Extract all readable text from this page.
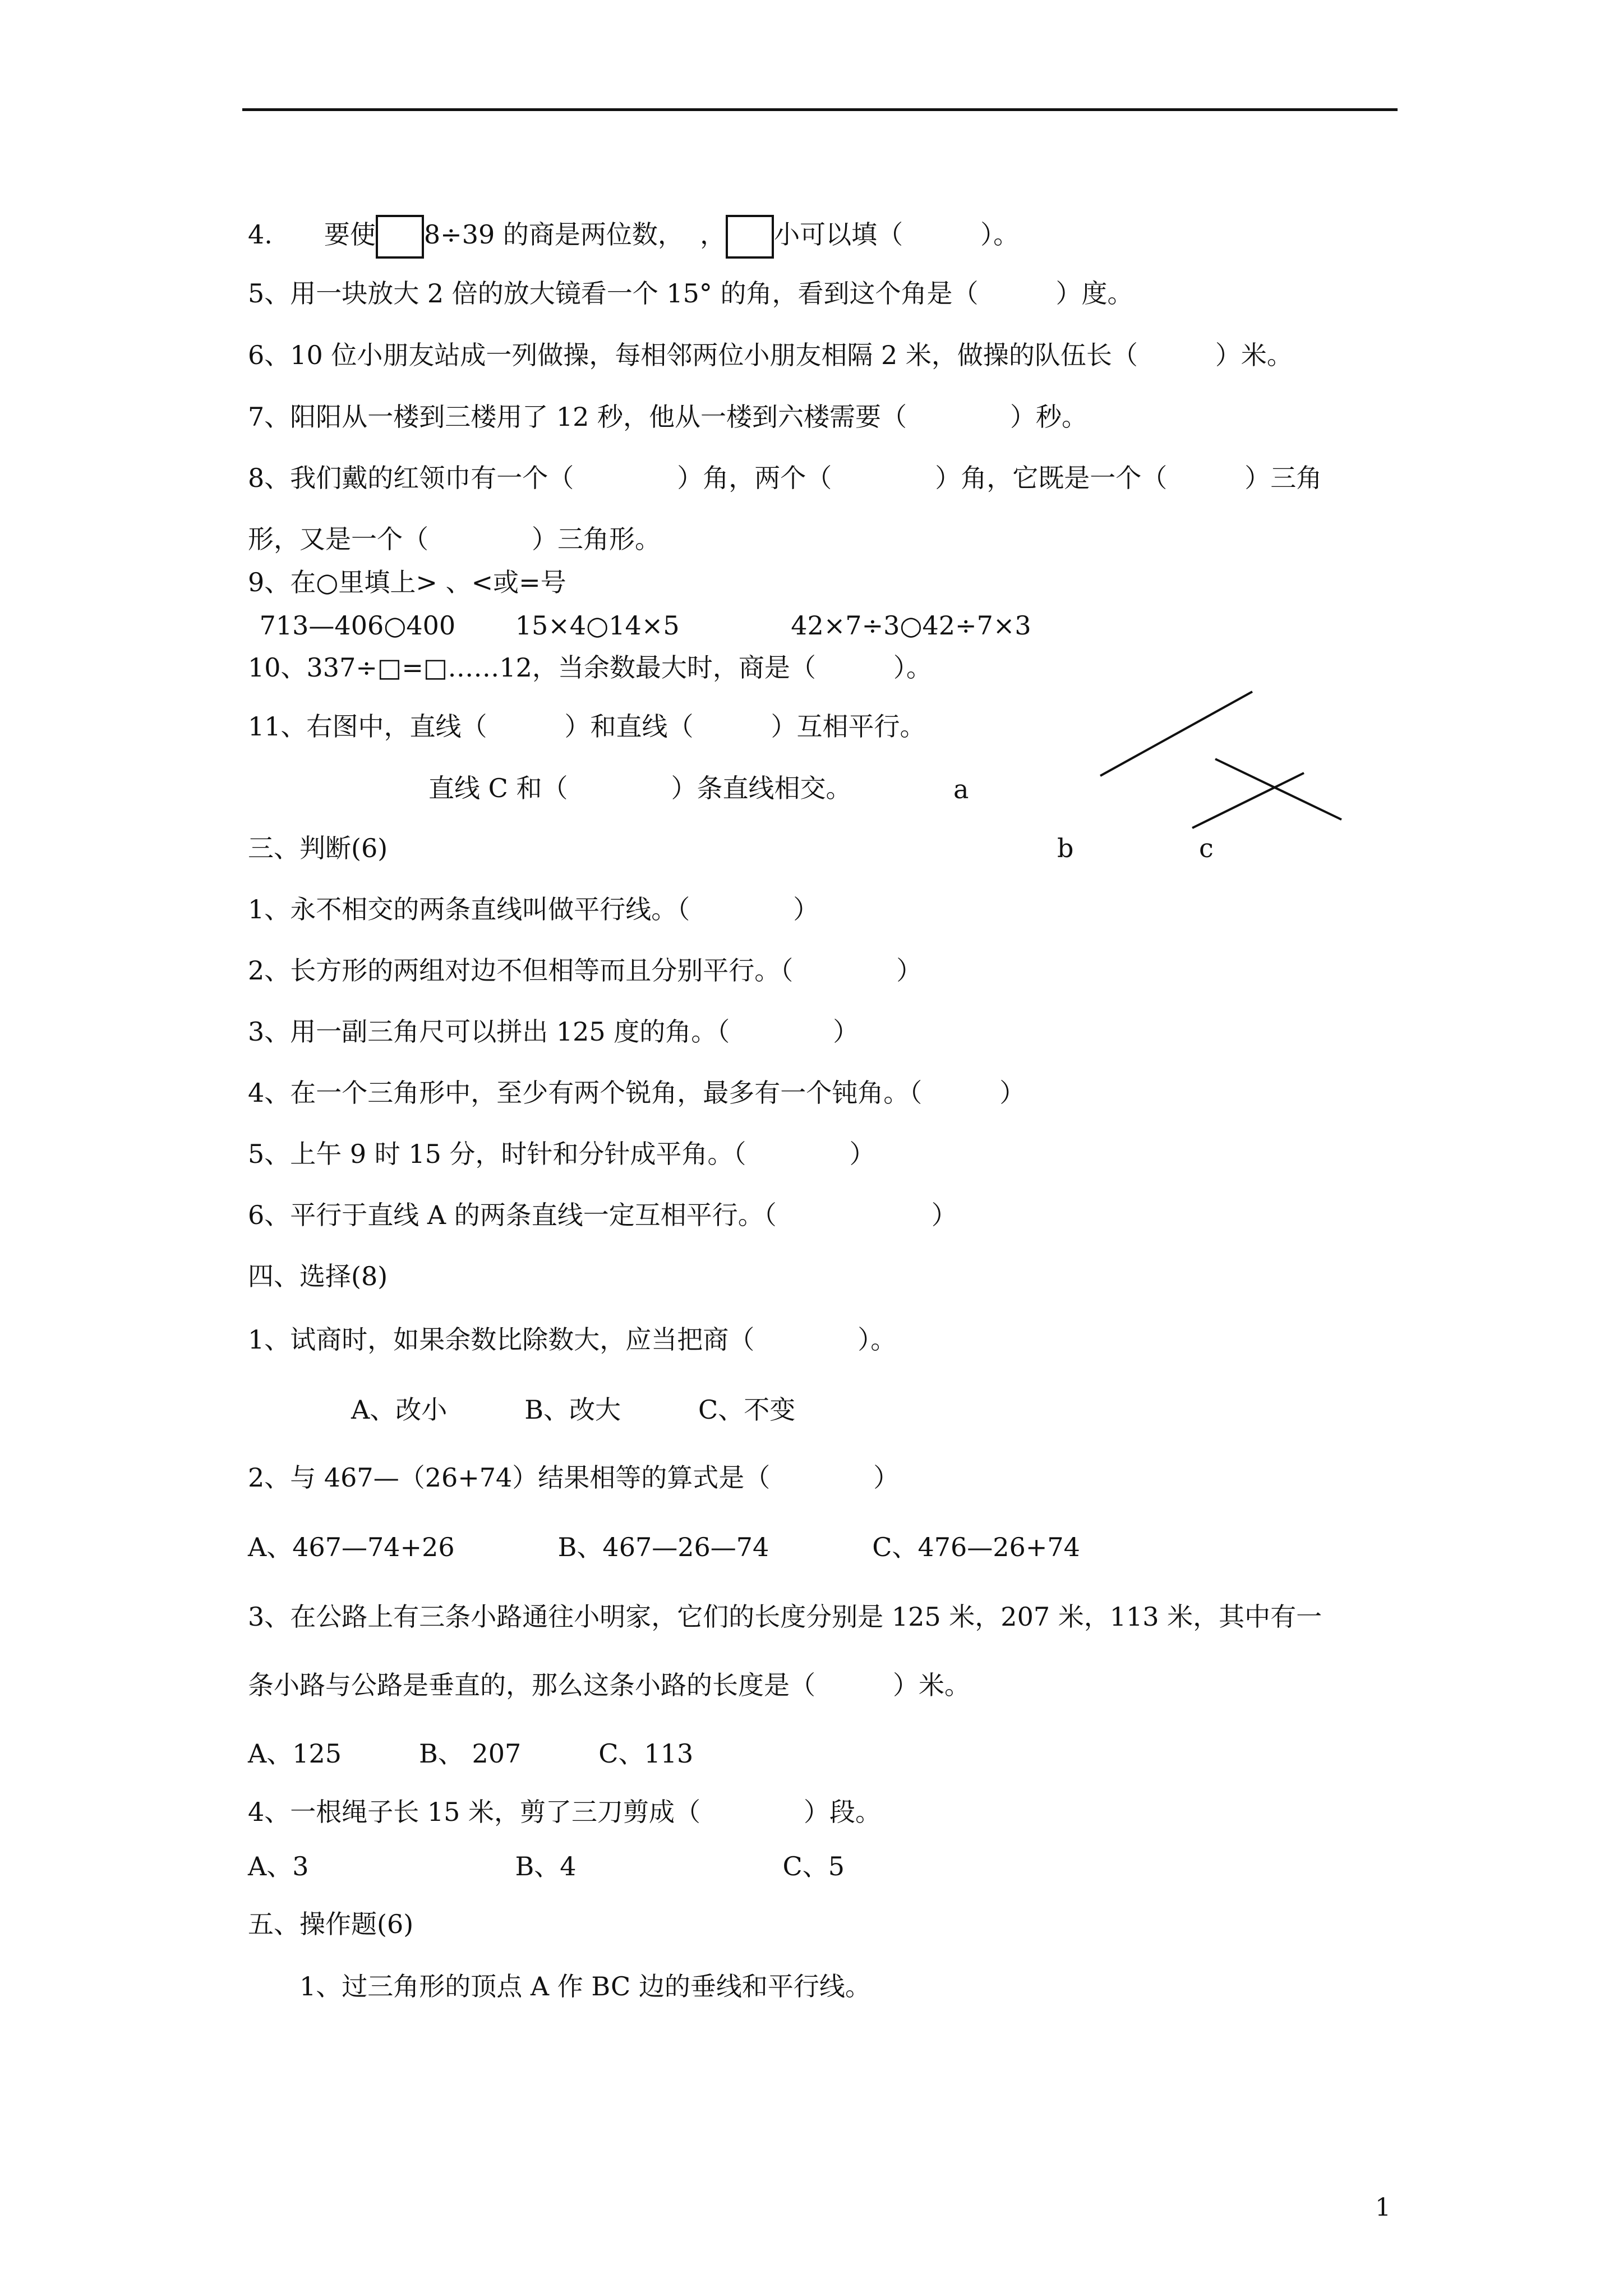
4.　　要使 8÷39 的商是两位数，  ， 小可以填（　　　）。
5、用一块放大 2 倍的放大镜看一个 15° 的角，看到这个角是（　　　）度。
6、10 位小朋友站成一列做操，每相邻两位小朋友相隔 2 米，做操的队伍长（　　　）米。
7、阳阳从一楼到三楼用了 12 秒，他从一楼到六楼需要（　　　　）秒。
8、我们戴的红领巾有一个（　　　　）角，两个（　　　　）角，它既是一个（　　　）三角
形，又是一个（　　　　）三角形。
9、在○里填上> 、<或=号
713—406○400　　 15×4○14×5　　　　 42×7÷3○42÷7×3
10、337÷□=□……12，当余数最大时，商是（　　　）。
11、右图中，直线（　　　）和直线（　　　）互相平行。
　　　　　　　直线 C 和（　　　　）条直线相交。	a
b	c
三、判断(6)
1、永不相交的两条直线叫做平行线。（　　　　）
2、长方形的两组对边不但相等而且分别平行。（　　　　）
3、用一副三角尺可以拼出 125 度的角。（　　　　）
4、在一个三角形中，至少有两个锐角，最多有一个钝角。（　　　）
5、上午 9 时 15 分，时针和分针成平角。（　　　　）
6、平行于直线 A 的两条直线一定互相平行。（　　　　　　）
四、选择(8)
1、试商时，如果余数比除数大，应当把商（　　　　）。
　　　　A、改小　　　B、改大　　　C、不变
2、与 467—（26+74）结果相等的算式是（　　　　）
A、467—74+26　　　　B、467—26—74　　　　C、476—26+74
3、在公路上有三条小路通往小明家，它们的长度分别是 125 米，207 米，113 米，其中有一
条小路与公路是垂直的，那么这条小路的长度是（　　　）米。
A、125　　　B、 207　　　C、113
4、一根绳子长 15 米，剪了三刀剪成（　　　　）段。
A、3　　　　　　　　B、4　　　　　　　　C、5
五、操作题(6)
　　1、过三角形的顶点 A 作 BC 边的垂线和平行线。
1
